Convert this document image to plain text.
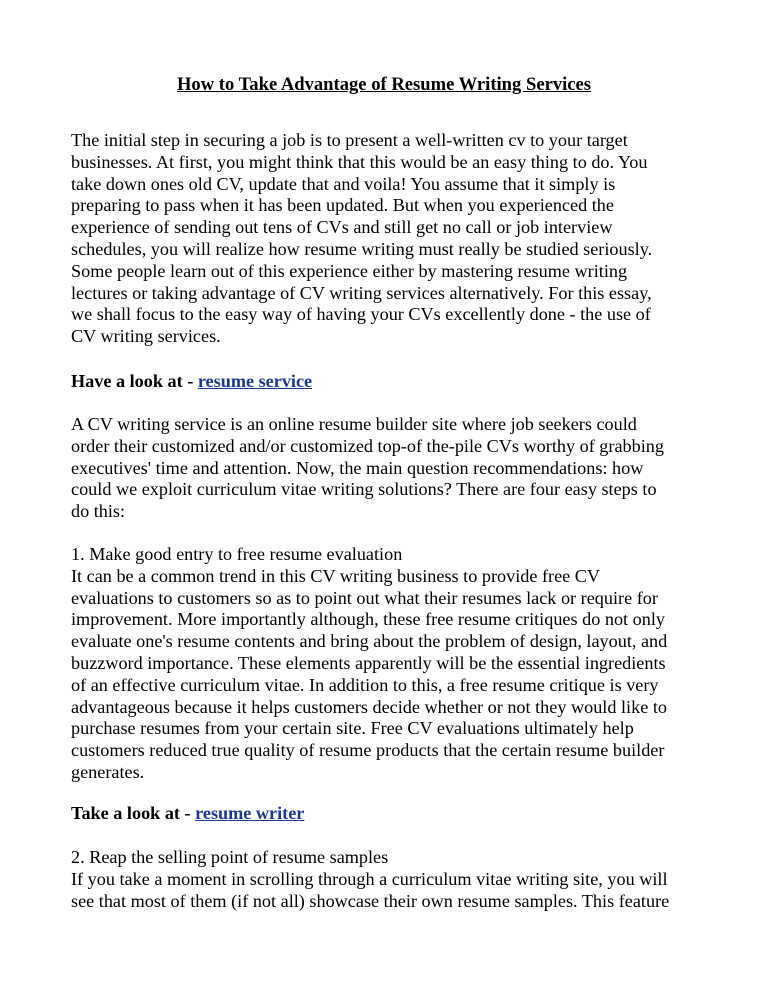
How to Take Advantage of Resume Writing Services
The initial step in securing a job is to present a well-written cv to your target
businesses. At first, you might think that this would be an easy thing to do. You
take down ones old CV, update that and voila! You assume that it simply is
preparing to pass when it has been updated. But when you experienced the
experience of sending out tens of CVs and still get no call or job interview
schedules, you will realize how resume writing must really be studied seriously.
Some people learn out of this experience either by mastering resume writing
lectures or taking advantage of CV writing services alternatively. For this essay,
we shall focus to the easy way of having your CVs excellently done - the use of
CV writing services.
Have a look at - resume service
A CV writing service is an online resume builder site where job seekers could
order their customized and/or customized top-of the-pile CVs worthy of grabbing
executives' time and attention. Now, the main question recommendations: how
could we exploit curriculum vitae writing solutions? There are four easy steps to
do this:
1. Make good entry to free resume evaluation
It can be a common trend in this CV writing business to provide free CV
evaluations to customers so as to point out what their resumes lack or require for
improvement. More importantly although, these free resume critiques do not only
evaluate one's resume contents and bring about the problem of design, layout, and
buzzword importance. These elements apparently will be the essential ingredients
of an effective curriculum vitae. In addition to this, a free resume critique is very
advantageous because it helps customers decide whether or not they would like to
purchase resumes from your certain site. Free CV evaluations ultimately help
customers reduced true quality of resume products that the certain resume builder
generates.
Take a look at - resume writer
2. Reap the selling point of resume samples
If you take a moment in scrolling through a curriculum vitae writing site, you will
see that most of them (if not all) showcase their own resume samples. This feature
